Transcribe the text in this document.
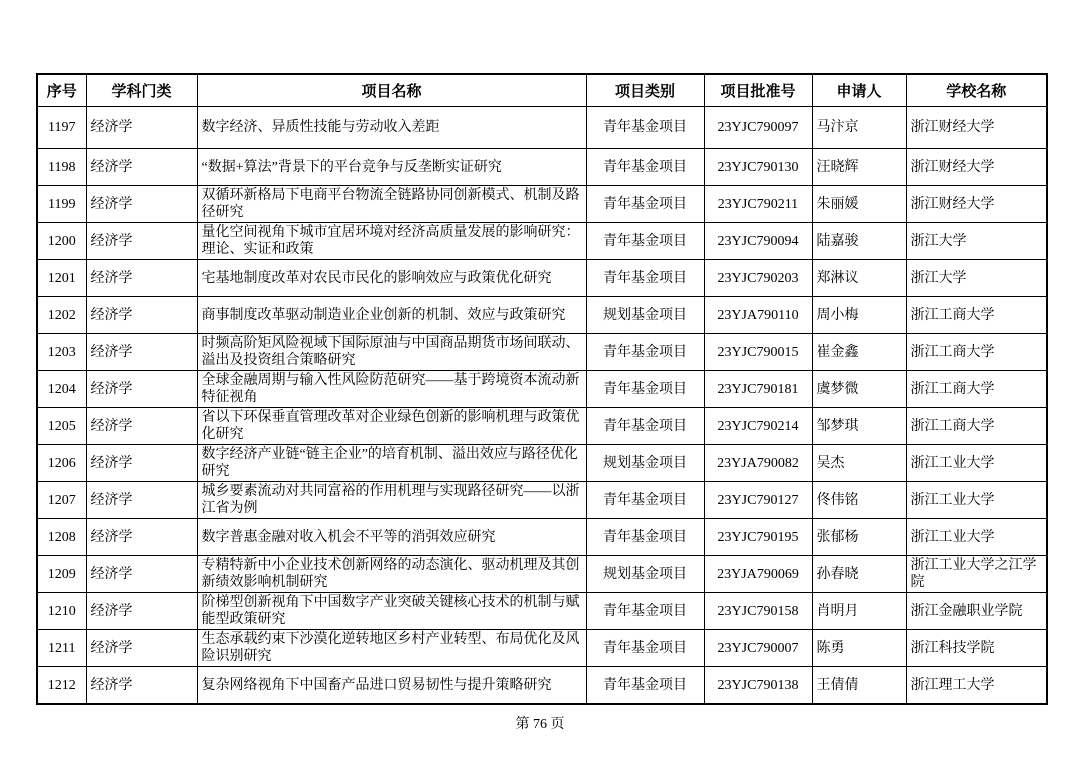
序号	学科门类	项目名称	项目类别	项目批准号	申请人	学校名称
1197	经济学	数字经济、异质性技能与劳动收入差距	青年基金项目	23YJC790097	马汴京	浙江财经大学
1198	经济学	“数据+算法”背景下的平台竞争与反垄断实证研究	青年基金项目	23YJC790130	汪晓辉	浙江财经大学
1199	经济学	双循环新格局下电商平台物流全链路协同创新模式、机制及路径研究	青年基金项目	23YJC790211	朱丽媛	浙江财经大学
1200	经济学	量化空间视角下城市宜居环境对经济高质量发展的影响研究：理论、实证和政策	青年基金项目	23YJC790094	陆嘉骏	浙江大学
1201	经济学	宅基地制度改革对农民市民化的影响效应与政策优化研究	青年基金项目	23YJC790203	郑淋议	浙江大学
1202	经济学	商事制度改革驱动制造业企业创新的机制、效应与政策研究	规划基金项目	23YJA790110	周小梅	浙江工商大学
1203	经济学	时频高阶矩风险视域下国际原油与中国商品期货市场间联动、溢出及投资组合策略研究	青年基金项目	23YJC790015	崔金鑫	浙江工商大学
1204	经济学	全球金融周期与输入性风险防范研究——基于跨境资本流动新特征视角	青年基金项目	23YJC790181	虞梦微	浙江工商大学
1205	经济学	省以下环保垂直管理改革对企业绿色创新的影响机理与政策优化研究	青年基金项目	23YJC790214	邹梦琪	浙江工商大学
1206	经济学	数字经济产业链“链主企业”的培育机制、溢出效应与路径优化研究	规划基金项目	23YJA790082	吴杰	浙江工业大学
1207	经济学	城乡要素流动对共同富裕的作用机理与实现路径研究——以浙江省为例	青年基金项目	23YJC790127	佟伟铭	浙江工业大学
1208	经济学	数字普惠金融对收入机会不平等的消弭效应研究	青年基金项目	23YJC790195	张郁杨	浙江工业大学
1209	经济学	专精特新中小企业技术创新网络的动态演化、驱动机理及其创新绩效影响机制研究	规划基金项目	23YJA790069	孙春晓	浙江工业大学之江学院
1210	经济学	阶梯型创新视角下中国数字产业突破关键核心技术的机制与赋能型政策研究	青年基金项目	23YJC790158	肖明月	浙江金融职业学院
1211	经济学	生态承载约束下沙漠化逆转地区乡村产业转型、布局优化及风险识别研究	青年基金项目	23YJC790007	陈勇	浙江科技学院
1212	经济学	复杂网络视角下中国畜产品进口贸易韧性与提升策略研究	青年基金项目	23YJC790138	王倩倩	浙江理工大学
第 76 页
